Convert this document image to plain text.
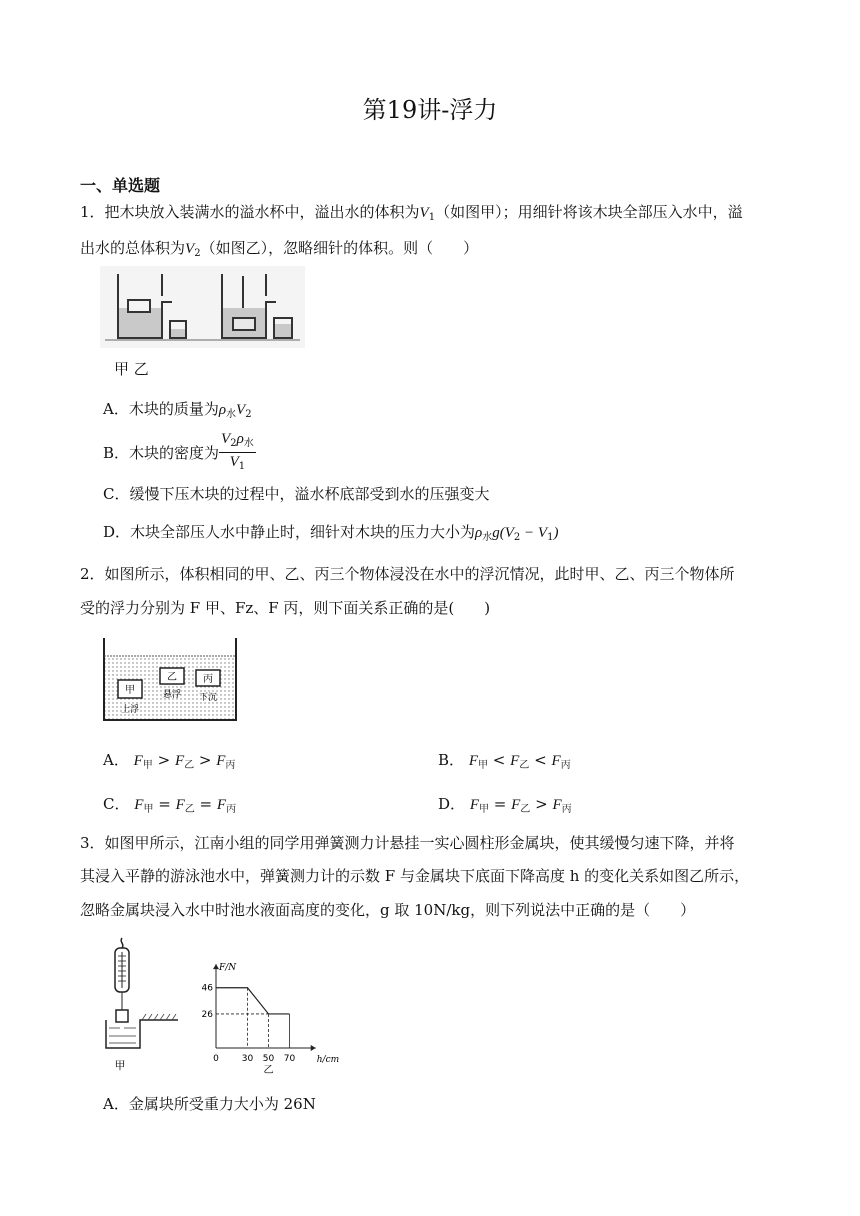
第19讲-浮力
一、单选题
1．把木块放入装满水的溢水杯中，溢出水的体积为$V_1$（如图甲）；用细针将该木块全部压入水中，溢
出水的总体积为$V_2$（如图乙），忽略细针的体积。则（　　）
甲 乙
A．木块的质量为$\rho_水V_2$
B．木块的密度为 $\frac{V_2\rho_水}{V_1}$
C．缓慢下压木块的过程中，溢水杯底部受到水的压强变大
D．木块全部压人水中静止时，细针对木块的压力大小为$\rho_水g(V_2 - V_1)$
2．如图所示，体积相同的甲、乙、丙三个物体浸没在水中的浮沉情况，此时甲、乙、丙三个物体所
受的浮力分别为 F 甲、Fz、F 丙，则下面关系正确的是(　　)
甲
上浮
乙
悬浮
丙
下沉
A． $F_甲 > F_乙 > F_丙$	B． $F_甲 < F_乙 < F_丙$
C． $F_甲 = F_乙 = F_丙$	D． $F_甲 = F_乙 > F_丙$
3．如图甲所示，江南小组的同学用弹簧测力计悬挂一实心圆柱形金属块，使其缓慢匀速下降，并将
其浸入平静的游泳池水中，弹簧测力计的示数 F 与金属块下底面下降高度 h 的变化关系如图乙所示，
忽略金属块浸入水中时池水液面高度的变化，g 取 10N/kg，则下列说法中正确的是（　　）
甲	0	30 50 70
46
26
F/N
h/cm
乙
A．金属块所受重力大小为 26N
